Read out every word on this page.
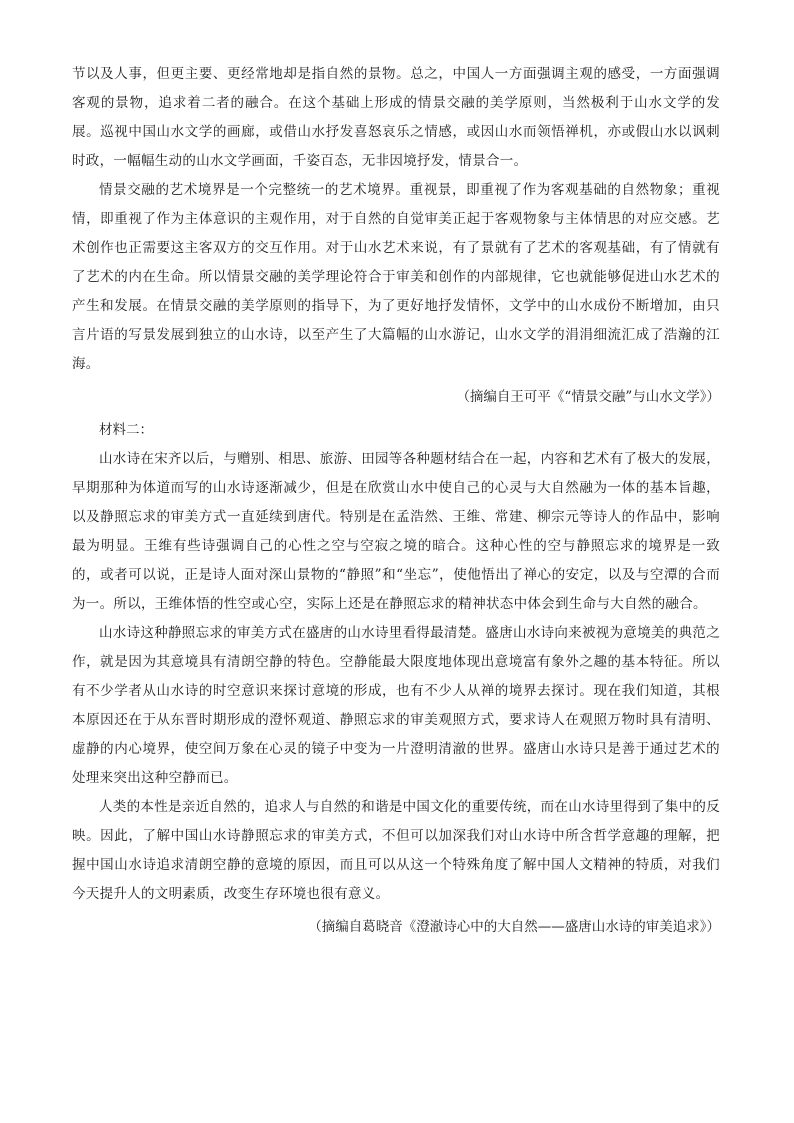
节以及人事，但更主要、更经常地却是指自然的景物。总之，中国人一方面强调主观的感受，一方面强调客观的景物，追求着二者的融合。在这个基础上形成的情景交融的美学原则，当然极利于山水文学的发展。巡视中国山水文学的画廊，或借山水抒发喜怒哀乐之情感，或因山水而领悟禅机，亦或假山水以讽刺时政，一幅幅生动的山水文学画面，千姿百态，无非因境抒发，情景合一。

情景交融的艺术境界是一个完整统一的艺术境界。重视景，即重视了作为客观基础的自然物象；重视情，即重视了作为主体意识的主观作用，对于自然的自觉审美正起于客观物象与主体情思的对应交感。艺术创作也正需要这主客双方的交互作用。对于山水艺术来说，有了景就有了艺术的客观基础，有了情就有了艺术的内在生命。所以情景交融的美学理论符合于审美和创作的内部规律，它也就能够促进山水艺术的产生和发展。在情景交融的美学原则的指导下，为了更好地抒发情怀，文学中的山水成份不断增加，由只言片语的写景发展到独立的山水诗，以至产生了大篇幅的山水游记，山水文学的涓涓细流汇成了浩瀚的江海。

（摘编自王可平《“情景交融”与山水文学》）

材料二：

山水诗在宋齐以后，与赠别、相思、旅游、田园等各种题材结合在一起，内容和艺术有了极大的发展，早期那种为体道而写的山水诗逐渐减少，但是在欣赏山水中使自己的心灵与大自然融为一体的基本旨趣，以及静照忘求的审美方式一直延续到唐代。特别是在孟浩然、王维、常建、柳宗元等诗人的作品中，影响最为明显。王维有些诗强调自己的心性之空与空寂之境的暗合。这种心性的空与静照忘求的境界是一致的，或者可以说，正是诗人面对深山景物的“静照”和“坐忘”，使他悟出了禅心的安定，以及与空潭的合而为一。所以，王维体悟的性空或心空，实际上还是在静照忘求的精神状态中体会到生命与大自然的融合。

山水诗这种静照忘求的审美方式在盛唐的山水诗里看得最清楚。盛唐山水诗向来被视为意境美的典范之作，就是因为其意境具有清朗空静的特色。空静能最大限度地体现出意境富有象外之趣的基本特征。所以有不少学者从山水诗的时空意识来探讨意境的形成，也有不少人从禅的境界去探讨。现在我们知道，其根本原因还在于从东晋时期形成的澄怀观道、静照忘求的审美观照方式，要求诗人在观照万物时具有清明、虚静的内心境界，使空间万象在心灵的镜子中变为一片澄明清澈的世界。盛唐山水诗只是善于通过艺术的处理来突出这种空静而已。

人类的本性是亲近自然的，追求人与自然的和谐是中国文化的重要传统，而在山水诗里得到了集中的反映。因此，了解中国山水诗静照忘求的审美方式，不但可以加深我们对山水诗中所含哲学意趣的理解，把握中国山水诗追求清朗空静的意境的原因，而且可以从这一个特殊角度了解中国人文精神的特质，对我们今天提升人的文明素质，改变生存环境也很有意义。

（摘编自葛晓音《澄澈诗心中的大自然——盛唐山水诗的审美追求》）
